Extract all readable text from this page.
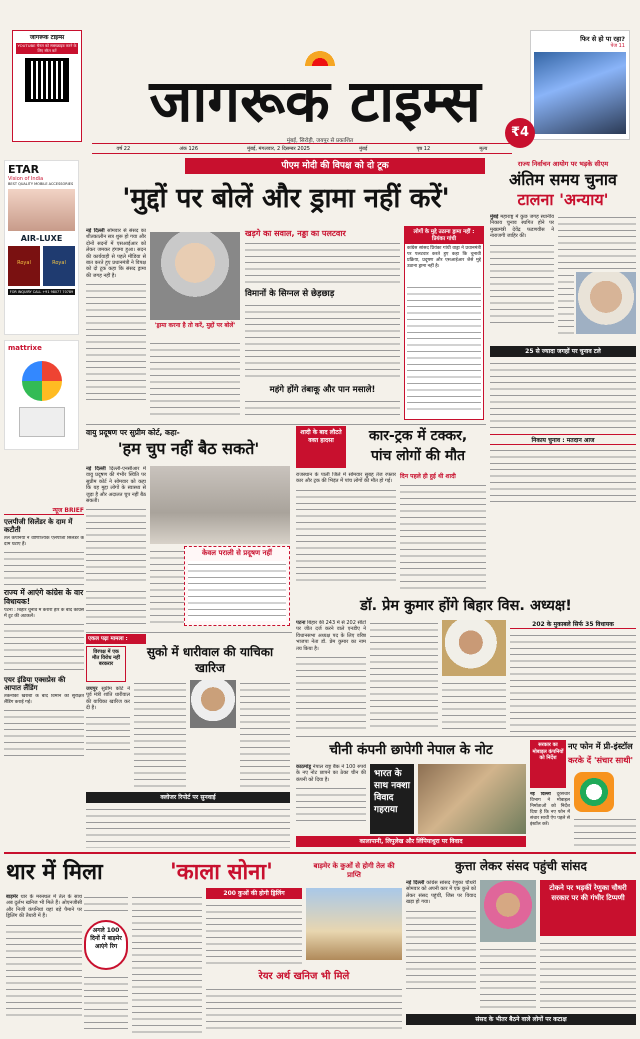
जागरूक टाइम्स
YOUTUBE चैनल को सब्सक्राइब करने के लिए स्कैन करें
जागरूक टाइम्स
मुंबई, सिरोही, जयपुर से प्रकाशित
फिर से हो पा रहा?
पेज 11
वर्ष 22	अंक 126	मुंबई, मंगलवार, 2 दिसम्बर 2025	मुंबई	पृष्ठ 12	मूल्य
₹4
ETAR
Vision of India
BEST QUALITY MOBILE ACCESSORIES
AIR-LUXE
Royal	Royal
FOR INQUIRY CALL +91 98077 70789
mattrixe
पीएम मोदी की विपक्ष को दो टूक
'मुद्दों पर बोलें और ड्रामा नहीं करें'
नई दिल्ली सोमवार से संसद का शीतकालीन सत्र शुरू हो गया और दोनों सदनों में एसआईआर को लेकर जमकर हंगामा हुआ। सदन की कार्यवाही से पहले मीडिया से बात करते हुए प्रधानमंत्री ने विपक्ष को दो टूक कहा कि संसद ड्रामा की जगह नहीं है।
'ड्रामा करना है तो करें, मुद्दों पर बोलें'
खड़गे का सवाल, नड्डा का पलटवार
विमानों के सिग्नल से छेड़छाड़
महंगे होंगे तंबाकू और पान मसाले!
लोगों के मुद्दे उठाना ड्रामा नहीं : प्रियंका गांधी
कांग्रेस सांसद प्रियंका गांधी वाड्रा ने प्रधानमंत्री पर पलटवार करते हुए कहा कि चुनावी प्रक्रिया, प्रदूषण और एसआईआर जैसे मुद्दे उठाना ड्रामा नहीं है।
राज्य निर्वाचन आयोग पर भड़के सीएम
अंतिम समय चुनाव
टालना 'अन्याय'
मुंबई महाराष्ट्र में कुछ जगह स्थानीय निकाय चुनाव स्थगित होने पर मुख्यमंत्री देवेंद्र फडणवीस ने नाराजगी जाहिर की।
25 से ज्यादा जगहों पर चुनाव टले
निकाय चुनाव : मतदान आज
वायु प्रदूषण पर सुप्रीम कोर्ट, कहा-
'हम चुप नहीं बैठ सकते'
नई दिल्ली दिल्ली-एनसीआर में वायु प्रदूषण की गंभीर स्थिति पर सुप्रीम कोर्ट ने सोमवार को कहा कि यह मुद्दा लोगों के स्वास्थ्य से जुड़ा है और अदालत चुप नहीं बैठ सकती।
न्यूज BRIEF
एलपीजी सिलेंडर के दाम में कटौती
तेल कंपनियों ने वाणिज्यिक एलपीजी सिलेंडर के दाम घटाए हैं।
राज्य में आएंगे कांग्रेस के वार विधायक!
पटना : बिहार चुनाव में करारी हार के बाद कांग्रेस में टूट की अटकलें।
एयर इंडिया एक्सप्रेस की आपात लैंडिंग
तकनीकी खराबी के बाद विमान की सुरक्षित लैंडिंग कराई गई।
केवल पराली से प्रदूषण नहीं
शादी के बाद लौटते वक्त हादसा	कार-ट्रक में टक्कर,
पांच लोगों की मौत
राजस्थान के पाली जिले में सोमवार सुबह तेज रफ्तार कार और ट्रक की भिड़ंत में पांच लोगों की मौत हो गई।
दिन पहले ही हुई थी शादी
डॉ. प्रेम कुमार होंगे बिहार विस. अध्यक्ष!
202 के मुकाबले सिर्फ 35 विधायक
पटना बिहार की 243 में से 202 सीटों पर जीत दर्ज करने वाले एनडीए ने विधानसभा अध्यक्ष पद के लिए वरिष्ठ भाजपा नेता डॉ. प्रेम कुमार का नाम तय किया है।
एकल पढ़ा मामला :
विरपक्ष में एक मौत विरोध नहीं बरकरार
सुको में धारीवाल की याचिका खारिज
जयपुर सुप्रीम कोर्ट ने पूर्व मंत्री शांति धारीवाल की याचिका खारिज कर दी है।
क्लोजर रिपोर्ट पर सुनवाई
चीनी कंपनी छापेगी नेपाल के नोट
काठमांडू नेपाल राष्ट्र बैंक ने 100 रुपये के नए नोट छापने का ठेका चीन की कंपनी को दिया है।
भारत के साथ नक्शा विवाद गहराया
कालापानी, लिपुलेख और लिंपियाधुरा पर विवाद
सरकार का मोबाइल कंपनियों को निर्देश
नए फोन में प्री-इंस्टॉल
करके दें 'संचार साथी'
नई दिल्ली दूरसंचार विभाग ने मोबाइल निर्माताओं को निर्देश दिया है कि नए फोन में संचार साथी ऐप पहले से इंस्टॉल करें।
थार में मिला	'काला सोना'
बाड़मेर थार के मरुस्थल में तेल के साथ अब दुर्लभ खनिज भी मिले हैं। ओएनजीसी और निजी कंपनियां यहां बड़े पैमाने पर ड्रिलिंग की तैयारी में हैं।
अगले 100 दिनों में बाड़मेर आएंगे रिग
200 कुओं की होगी ड्रिलिंग
बाड़मेर के कुओं से होगी तेल की प्राप्ति
रेयर अर्थ खनिज भी मिले
कुत्ता लेकर संसद पहुंची सांसद
नई दिल्ली कांग्रेस सांसद रेणुका चौधरी सोमवार को अपनी कार में एक कुत्ते को लेकर संसद पहुंचीं, जिस पर विवाद खड़ा हो गया।
टोकने पर भड़कीं रेणुका चौधरी सरकार पर की गंभीर टिप्पणी
संसद के भीतर बैठने वाले लोगों पर कटाक्ष
